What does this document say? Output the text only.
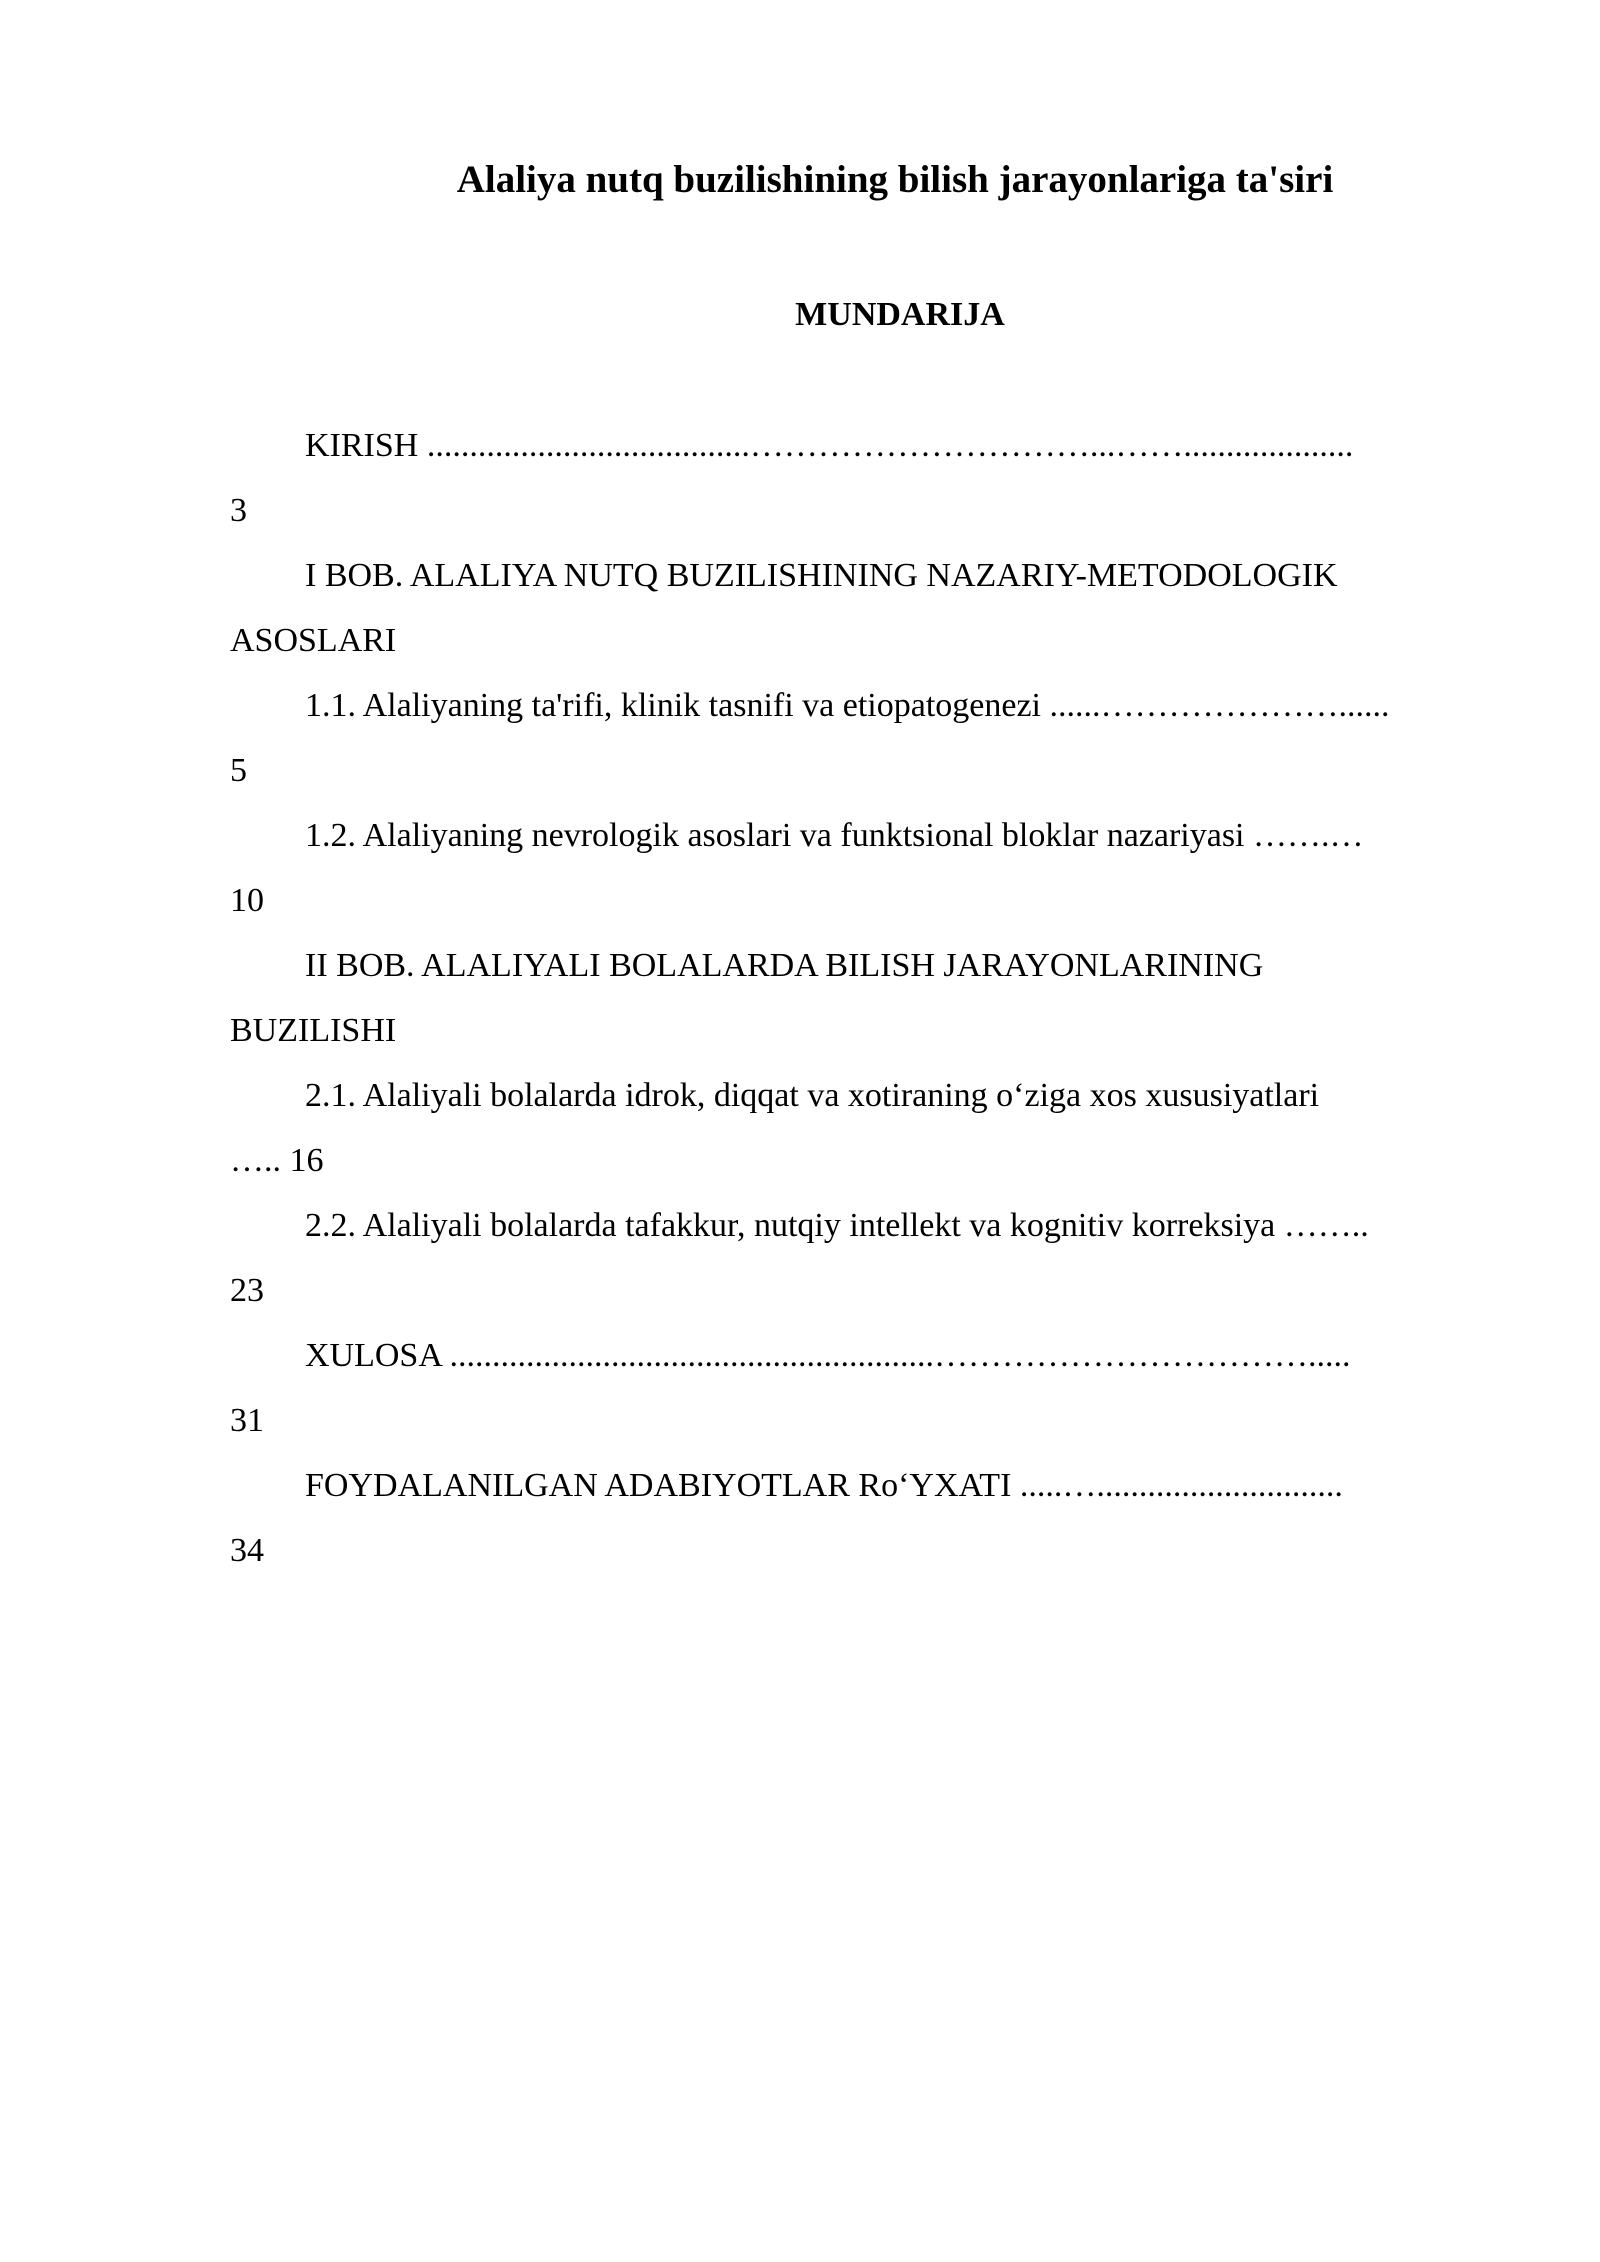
Alaliya nutq buzilishining bilish jarayonlariga ta'siri
MUNDARIJA

KIRISH ......................................…………………………...……....................
3

I BOB. ALALIYA NUTQ BUZILISHINING NAZARIY-METODOLOGIK
ASOSLARI

1.1. Alaliyaning ta'rifi, klinik tasnifi va etiopatogenezi ......…………………......
5

1.2. Alaliyaning nevrologik asoslari va funktsional bloklar nazariyasi …….…
10

II BOB. ALALIYALI BOLALARDA BILISH JARAYONLARINING
BUZILISHI

2.1. Alaliyali bolalarda idrok, diqqat va xotiraning o‘ziga xos xususiyatlari
….. 16

2.2. Alaliyali bolalarda tafakkur, nutqiy intellekt va kognitiv korreksiya ……..
23

XULOSA .........................................................…………………………….....
31

FOYDALANILGAN ADABIYOTLAR Ro‘YXATI .....….............................
34
